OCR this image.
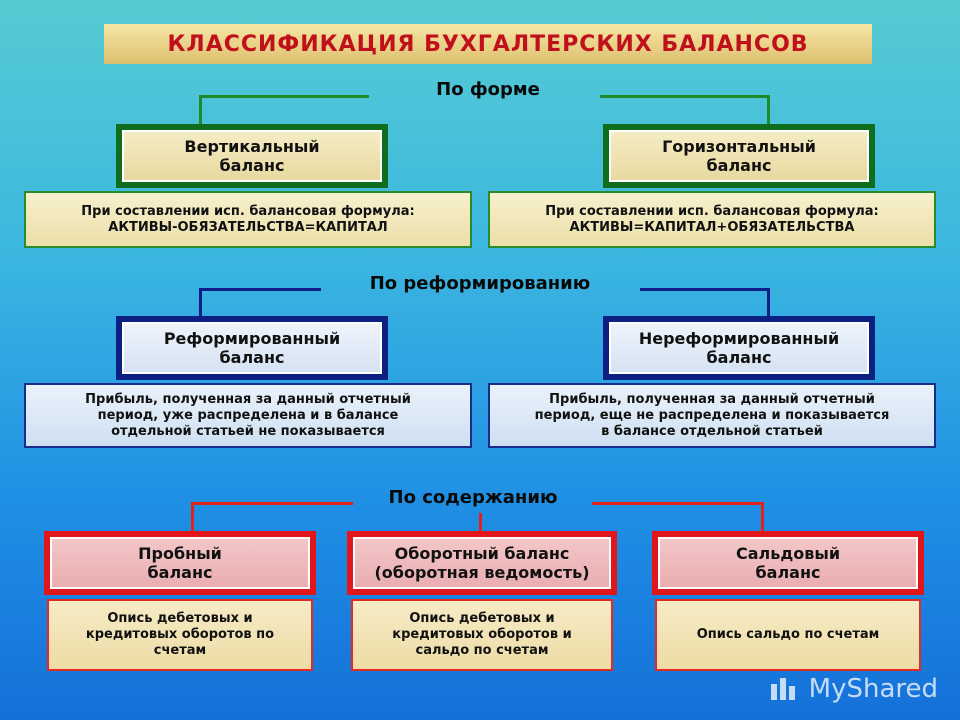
КЛАССИФИКАЦИЯ БУХГАЛТЕРСКИХ БАЛАНСОВ
По форме
Вертикальный
баланс
Горизонтальный
баланс
При составлении исп. балансовая формула:
АКТИВЫ-ОБЯЗАТЕЛЬСТВА=КАПИТАЛ
При составлении исп. балансовая формула:
АКТИВЫ=КАПИТАЛ+ОБЯЗАТЕЛЬСТВА
По реформированию
Реформированный
баланс
Нереформированный
баланс
Прибыль, полученная за данный отчетный
период, уже распределена и в балансе
отдельной статьей не показывается
Прибыль, полученная за данный отчетный
период, еще не распределена и показывается
в балансе отдельной статьей
По содержанию
Пробный
баланс
Оборотный баланс
(оборотная ведомость)
Сальдовый
баланс
Опись дебетовых и
кредитовых оборотов по
счетам
Опись дебетовых и
кредитовых оборотов и
сальдо по счетам
Опись сальдо по счетам
MyShared
